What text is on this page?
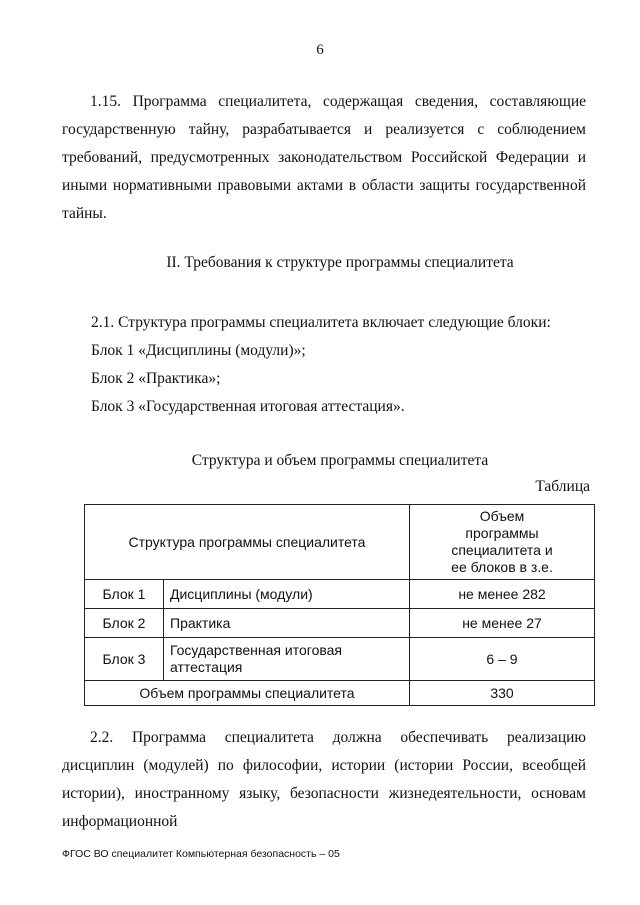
6
1.15. Программа специалитета, содержащая сведения, составляющие государственную тайну, разрабатывается и реализуется с соблюдением требований, предусмотренных законодательством Российской Федерации и иными нормативными правовыми актами в области защиты государственной тайны.
II. Требования к структуре программы специалитета
2.1. Структура программы специалитета включает следующие блоки:
Блок 1 «Дисциплины (модули)»;
Блок 2 «Практика»;
Блок 3 «Государственная итоговая аттестация».
Структура и объем программы специалитета
Таблица
Структура программы специалитета		Объем программы специалитета и ее блоков в з.е.
Блок 1	Дисциплины (модули)	не менее 282
Блок 2	Практика	не менее 27
Блок 3	Государственная итоговая аттестация	6 – 9
Объем программы специалитета		330
2.2. Программа специалитета должна обеспечивать реализацию дисциплин (модулей) по философии, истории (истории России, всеобщей истории), иностранному языку, безопасности жизнедеятельности, основам информационной
ФГОС ВО специалитет Компьютерная безопасность – 05
